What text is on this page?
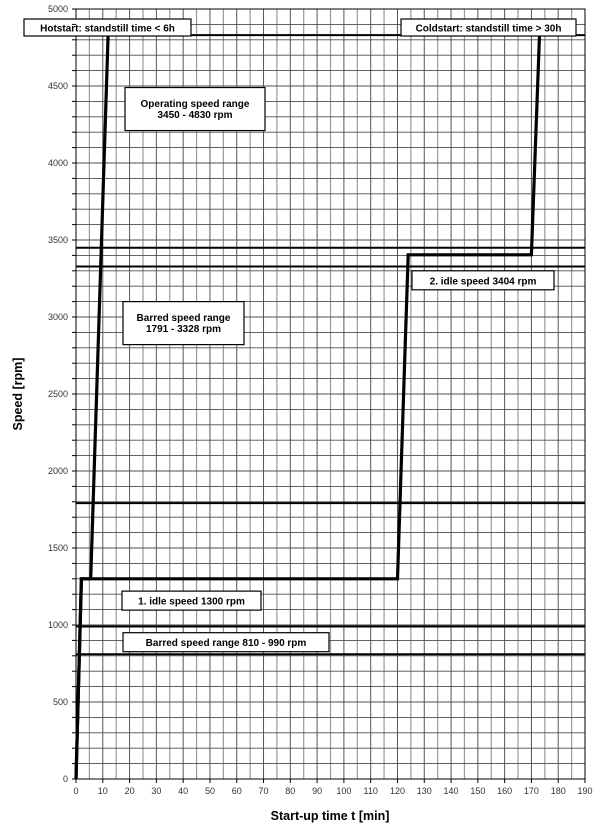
Hotstart: standstill time < 6h	Coldstart: standstill time > 30h
Operating speed range
3450 - 4830 rpm
Barred speed range
1791 - 3328 rpm
2. idle speed 3404 rpm
1. idle speed 1300 rpm
Barred speed range 810 - 990 rpm
0 10 20 30 40 50 60 70 80 90 100 110 120 130 140 150 160 170 180 190
0
500
1000
1500
2000
2500
3000
3500
4000
4500
5000
Start-up time t [min]
Speed [rpm]
